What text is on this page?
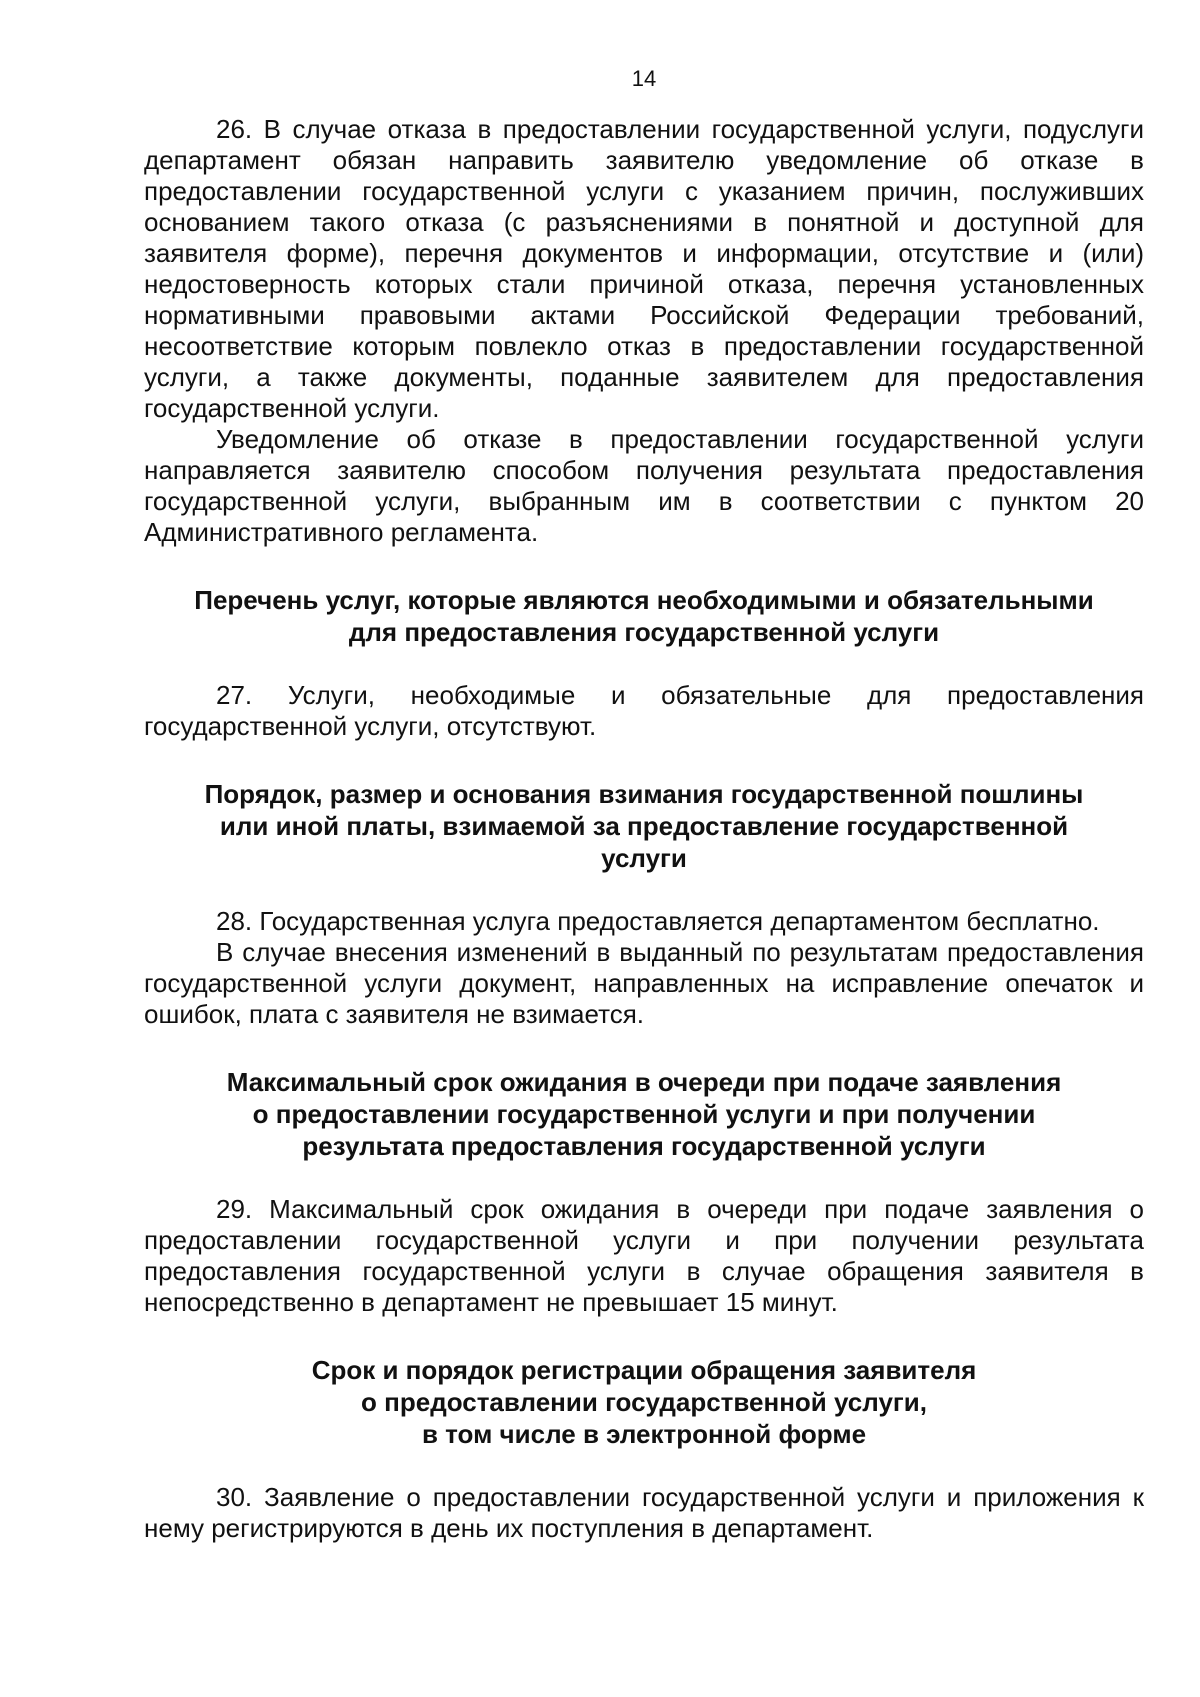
14

26. В случае отказа в предоставлении государственной услуги, подуслуги департамент обязан направить заявителю уведомление об отказе в предоставлении государственной услуги с указанием причин, послуживших основанием такого отказа (с разъяснениями в понятной и доступной для заявителя форме), перечня документов и информации, отсутствие и (или) недостоверность которых стали причиной отказа, перечня установленных нормативными правовыми актами Российской Федерации требований, несоответствие которым повлекло отказ в предоставлении государственной услуги, а также документы, поданные заявителем для предоставления государственной услуги.

Уведомление об отказе в предоставлении государственной услуги направляется заявителю способом получения результата предоставления государственной услуги, выбранным им в соответствии с пунктом 20 Административного регламента.

Перечень услуг, которые являются необходимыми и обязательными
для предоставления государственной услуги

27. Услуги, необходимые и обязательные для предоставления государственной услуги, отсутствуют.

Порядок, размер и основания взимания государственной пошлины
или иной платы, взимаемой за предоставление государственной
услуги

28. Государственная услуга предоставляется департаментом бесплатно.

В случае внесения изменений в выданный по результатам предоставления государственной услуги документ, направленных на исправление опечаток и ошибок, плата с заявителя не взимается.

Максимальный срок ожидания в очереди при подаче заявления
о предоставлении государственной услуги и при получении
результата предоставления государственной услуги

29. Максимальный срок ожидания в очереди при подаче заявления о предоставлении государственной услуги и при получении результата предоставления государственной услуги в случае обращения заявителя в непосредственно в департамент не превышает 15 минут.

Срок и порядок регистрации обращения заявителя
о предоставлении государственной услуги,
в том числе в электронной форме

30. Заявление о предоставлении государственной услуги и приложения к нему регистрируются в день их поступления в департамент.
